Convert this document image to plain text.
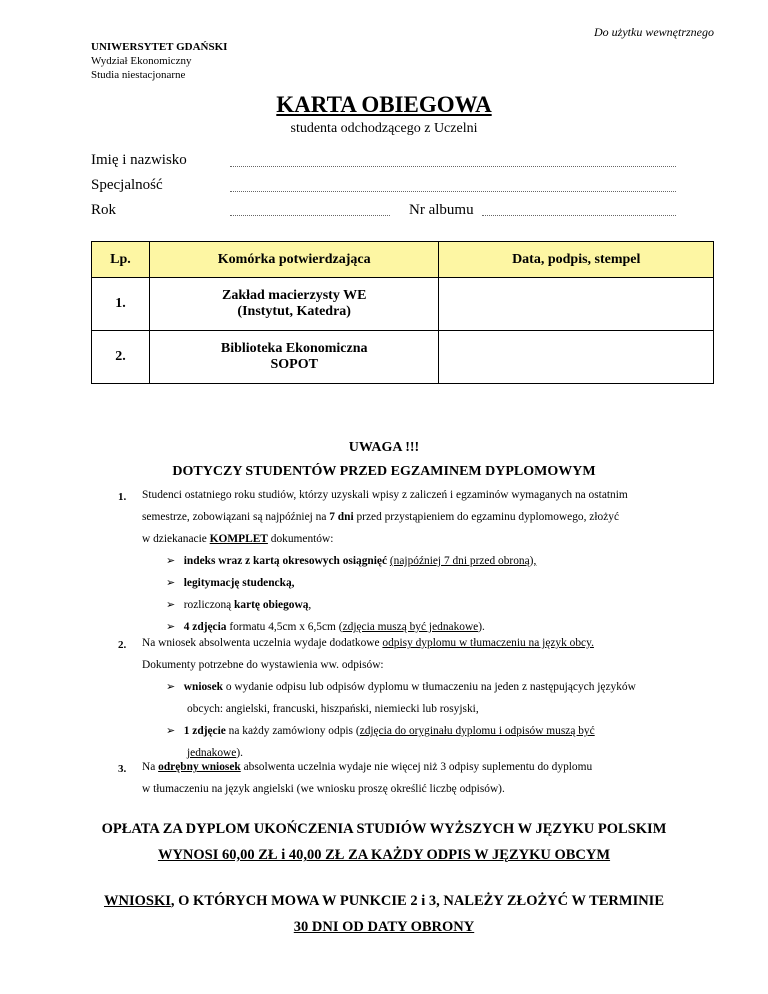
Do użytku wewnętrznego
UNIWERSYTET GDAŃSKI
Wydział Ekonomiczny
Studia niestacjonarne
KARTA OBIEGOWA
studenta odchodzącego z Uczelni
Imię i nazwisko
Specjalność
Rok	Nr albumu
Lp.	Komórka potwierdzająca	Data, podpis, stempel
1.	Zakład macierzysty WE
(Instytut, Katedra)	
2.	Biblioteka Ekonomiczna
SOPOT	
UWAGA !!!
DOTYCZY STUDENTÓW PRZED EGZAMINEM DYPLOMOWYM
1. Studenci ostatniego roku studiów, którzy uzyskali wpisy z zaliczeń i egzaminów wymaganych na ostatnim
semestrze, zobowiązani są najpóźniej na 7 dni przed przystąpieniem do egzaminu dyplomowego, złożyć
w dziekanacie KOMPLET dokumentów:
➢ indeks wraz z kartą okresowych osiągnięć (najpóźniej 7 dni przed obroną),
➢ legitymację studencką,
➢ rozliczoną kartę obiegową,
➢ 4 zdjęcia formatu 4,5cm x 6,5cm (zdjęcia muszą być jednakowe).
2. Na wniosek absolwenta uczelnia wydaje dodatkowe odpisy dyplomu w tłumaczeniu na język obcy.
Dokumenty potrzebne do wystawienia ww. odpisów:
➢ wniosek o wydanie odpisu lub odpisów dyplomu w tłumaczeniu na jeden z następujących języków
obcych: angielski, francuski, hiszpański, niemiecki lub rosyjski,
➢ 1 zdjęcie na każdy zamówiony odpis (zdjęcia do oryginału dyplomu i odpisów muszą być
jednakowe).
3. Na odrębny wniosek absolwenta uczelnia wydaje nie więcej niż 3 odpisy suplementu do dyplomu
w tłumaczeniu na język angielski (we wniosku proszę określić liczbę odpisów).
OPŁATA ZA DYPLOM UKOŃCZENIA STUDIÓW WYŻSZYCH W JĘZYKU POLSKIM
WYNOSI 60,00 ZŁ i 40,00 ZŁ ZA KAŻDY ODPIS W JĘZYKU OBCYM
WNIOSKI, O KTÓRYCH MOWA W PUNKCIE 2 i 3, NALEŻY ZŁOŻYĆ W TERMINIE
30 DNI OD DATY OBRONY
